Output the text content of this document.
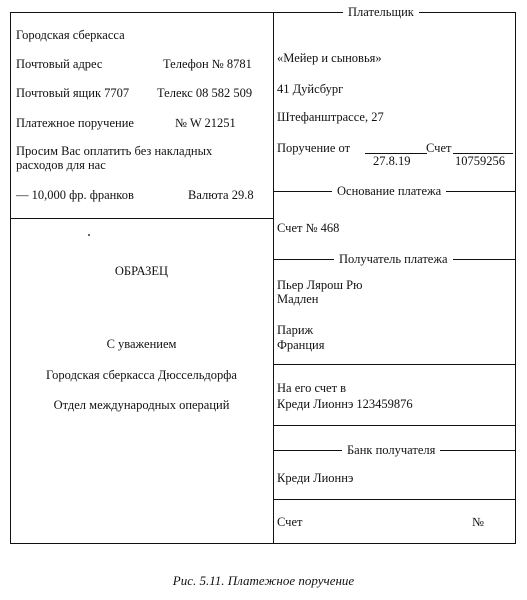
Городская сберкасса
Почтовый адрес	Телефон № 8781
Почтовый ящик 7707 Телекс 08 582 509
Платежное поручение	№ W 21251
Просим Вас оплатить без накладных
расходов для нас
— 10,000 фр. франков	Валюта 29.8
ОБРАЗЕЦ
С уважением
Городская сберкасса Дюссельдорфа
Отдел международных операций
Плательщик
«Мейер и сыновья»
41 Дуйсбург
Штефанштрассе, 27
Поручение от	Счет
27.8.19	10759256
Основание платежа
Счет № 468
Получатель платежа
Пьер Лярош Рю
Мадлен
Париж
Франция
На его счет в
Креди Лионнэ 123459876
Банк получателя
Креди Лионнэ
Счет	№
Рис. 5.11. Платежное поручение
